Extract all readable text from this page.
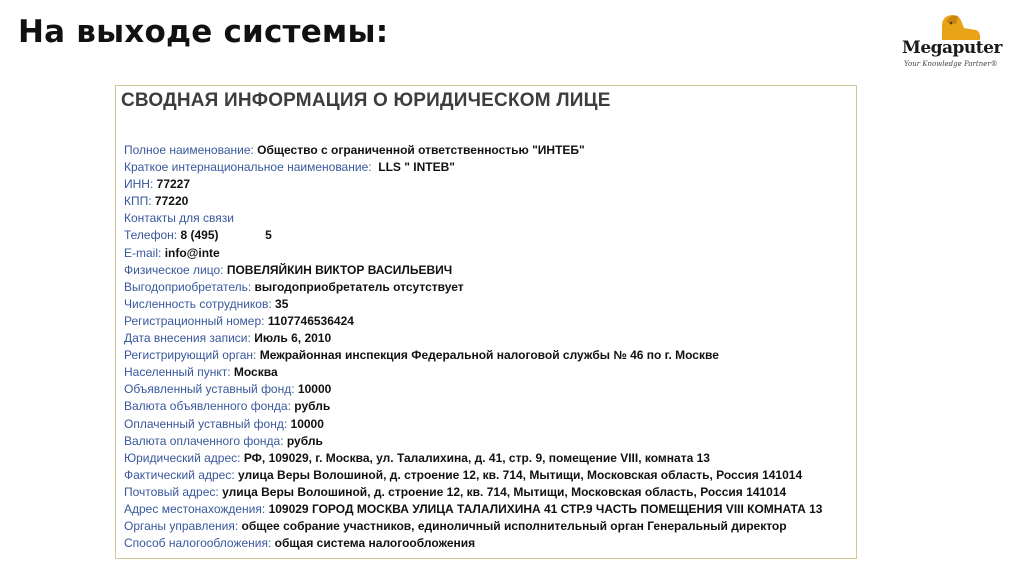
На выходе системы:	Megaputer
Your Knowledge Partner®
СВОДНАЯ ИНФОРМАЦИЯ О ЮРИДИЧЕСКОМ ЛИЦЕ
Полное наименование: Общество с ограниченной ответственностью "ИНТЕБ"
Краткое интернациональное наименование:  LLS " INTEB"
ИНН: 77227
КПП: 77220
Контакты для связи
Телефон: 8 (495)              5
E-mail: info@inte
Физическое лицо: ПОВЕЛЯЙКИН ВИКТОР ВАСИЛЬЕВИЧ
Выгодоприобретатель: выгодоприобретатель отсутствует
Численность сотрудников: 35
Регистрационный номер: 1107746536424
Дата внесения записи: Июль 6, 2010
Регистрирующий орган: Межрайонная инспекция Федеральной налоговой службы № 46 по г. Москве
Населенный пункт: Москва
Объявленный уставный фонд: 10000
Валюта объявленного фонда: рубль
Оплаченный уставный фонд: 10000
Валюта оплаченного фонда: рубль
Юридический адрес: РФ, 109029, г. Москва, ул. Талалихина, д. 41, стр. 9, помещение VIII, комната 13
Фактический адрес: улица Веры Волошиной, д. строение 12, кв. 714, Мытищи, Московская область, Россия 141014
Почтовый адрес: улица Веры Волошиной, д. строение 12, кв. 714, Мытищи, Московская область, Россия 141014
Адрес местонахождения: 109029 ГОРОД МОСКВА УЛИЦА ТАЛАЛИХИНА 41 СТР.9 ЧАСТЬ ПОМЕЩЕНИЯ VIII КОМНАТА 13
Органы управления: общее собрание участников, единоличный исполнительный орган Генеральный директор
Способ налогообложения: общая система налогообложения
